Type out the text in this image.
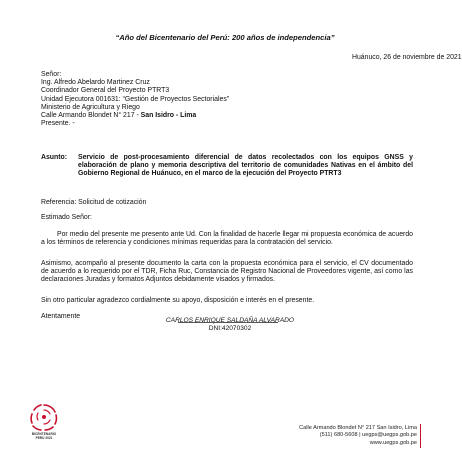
“Año del Bicentenario del Perú: 200 años de independencia”
Huánuco, 26 de noviembre de 2021
Señor:
Ing. Alfredo Abelardo Martinez Cruz
Coordinador General del Proyecto PTRT3
Unidad Ejecutora 001631: “Gestión de Proyectos Sectoriales”
Ministerio de Agricultura y Riego
Calle Armando Blondet N° 217 - San Isidro - Lima
Presente. -
Asunto:	Servicio de post-procesamiento diferencial de datos recolectados con los equipos GNSS y elaboración de plano y memoria descriptiva del territorio de comunidades Nativas en el ámbito del Gobierno Regional de Huánuco, en el marco de la ejecución del Proyecto PTRT3
Referencia: Solicitud de cotización
Estimado Señor:
Por medio del presente me presento ante Ud. Con la finalidad de hacerle llegar mi propuesta económica de acuerdo a los términos de referencia y condiciones mínimas requeridas para la contratación del servicio.
Asimismo, acompaño al presente documento la carta con la propuesta económica para el servicio, el CV documentado de acuerdo a lo requerido por el TDR, Ficha Ruc, Constancia de Registro Nacional de Proveedores vigente, así como las declaraciones Juradas y formatos Adjuntos debidamente visados y firmados.
Sin otro particular agradezco cordialmente su apoyo, disposición e interés en el presente.
Atentamente
CARLOS ENRIQUE SALDAÑA ALVARADO
DNI:42070302
BICENTENARIO
PERÚ 2021
Calle Armando Blondet N° 217 San Isidro, Lima
(511) 680-5608 | uegps@uegps.gob.pe
www.uegps.gob.pe
